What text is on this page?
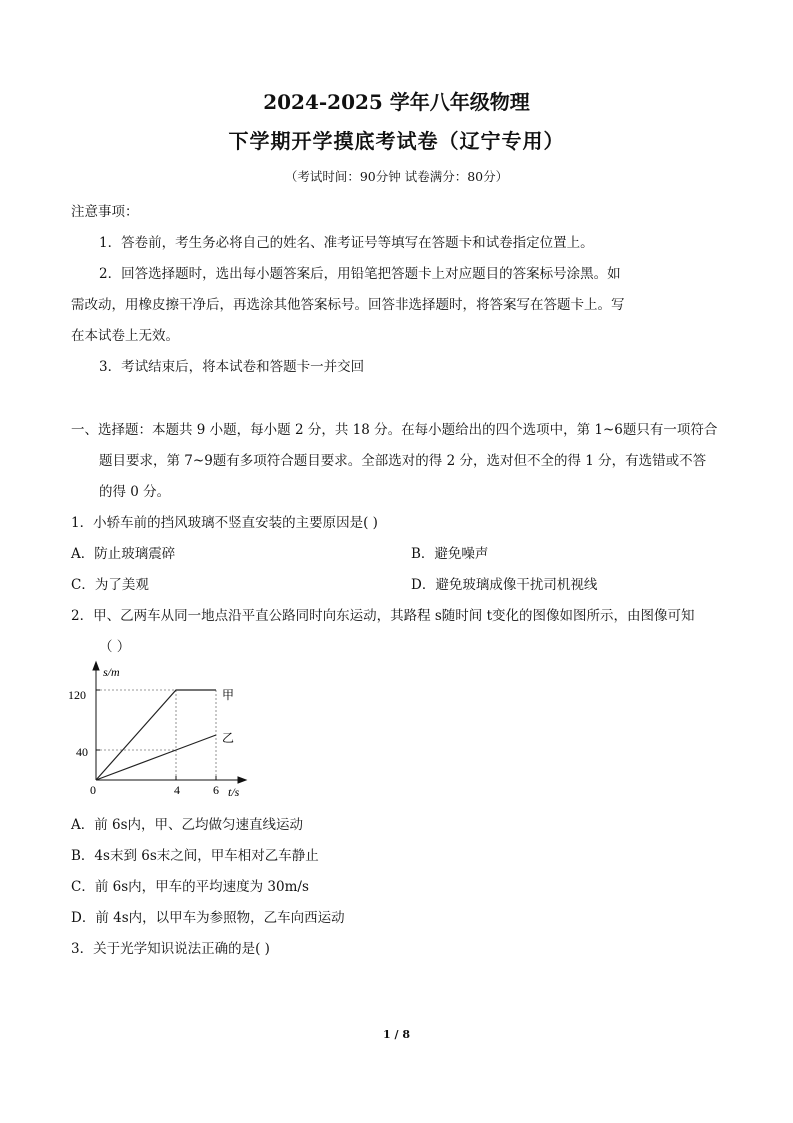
2024-2025 学年八年级物理
下学期开学摸底考试卷（辽宁专用）
（考试时间：90分钟 试卷满分：80分）
注意事项：
1．答卷前，考生务必将自己的姓名、准考证号等填写在答题卡和试卷指定位置上。
2．回答选择题时，选出每小题答案后，用铅笔把答题卡上对应题目的答案标号涂黑。如
需改动，用橡皮擦干净后，再选涂其他答案标号。回答非选择题时，将答案写在答题卡上。写
在本试卷上无效。
3．考试结束后，将本试卷和答题卡一并交回
一、选择题：本题共 9 小题，每小题 2 分，共 18 分。在每小题给出的四个选项中，第 1~6题只有一项符合
题目要求，第 7~9题有多项符合题目要求。全部选对的得 2 分，选对但不全的得 1 分，有选错或不答
的得 0 分。
1．小轿车前的挡风玻璃不竖直安装的主要原因是( )
A．防止玻璃震碎	B．避免噪声
C．为了美观	D．避免玻璃成像干扰司机视线
2．甲、乙两车从同一地点沿平直公路同时向东运动，其路程 s随时间 t变化的图像如图所示，由图像可知
（ ）
s/m
t/s
0
120
40
4	6
甲
乙
A．前 6s内，甲、乙均做匀速直线运动
B．4s末到 6s末之间，甲车相对乙车静止
C．前 6s内，甲车的平均速度为 30m/s
D．前 4s内，以甲车为参照物，乙车向西运动
3．关于光学知识说法正确的是( )
1 / 8
